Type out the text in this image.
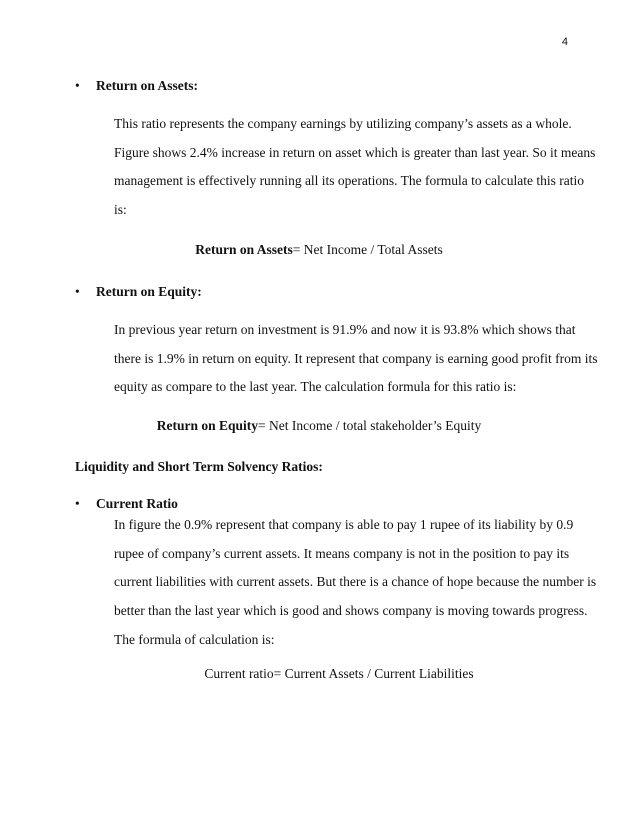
4
• Return on Assets:
This ratio represents the company earnings by utilizing company’s assets as a whole.
Figure shows 2.4% increase in return on asset which is greater than last year. So it means
management is effectively running all its operations. The formula to calculate this ratio
is:
Return on Assets= Net Income / Total Assets
• Return on Equity:
In previous year return on investment is 91.9% and now it is 93.8% which shows that
there is 1.9% in return on equity. It represent that company is earning good profit from its
equity as compare to the last year. The calculation formula for this ratio is:
Return on Equity= Net Income / total stakeholder’s Equity
Liquidity and Short Term Solvency Ratios:
• Current Ratio
In figure the 0.9% represent that company is able to pay 1 rupee of its liability by 0.9
rupee of company’s current assets. It means company is not in the position to pay its
current liabilities with current assets. But there is a chance of hope because the number is
better than the last year which is good and shows company is moving towards progress.
The formula of calculation is:
Current ratio= Current Assets / Current Liabilities
